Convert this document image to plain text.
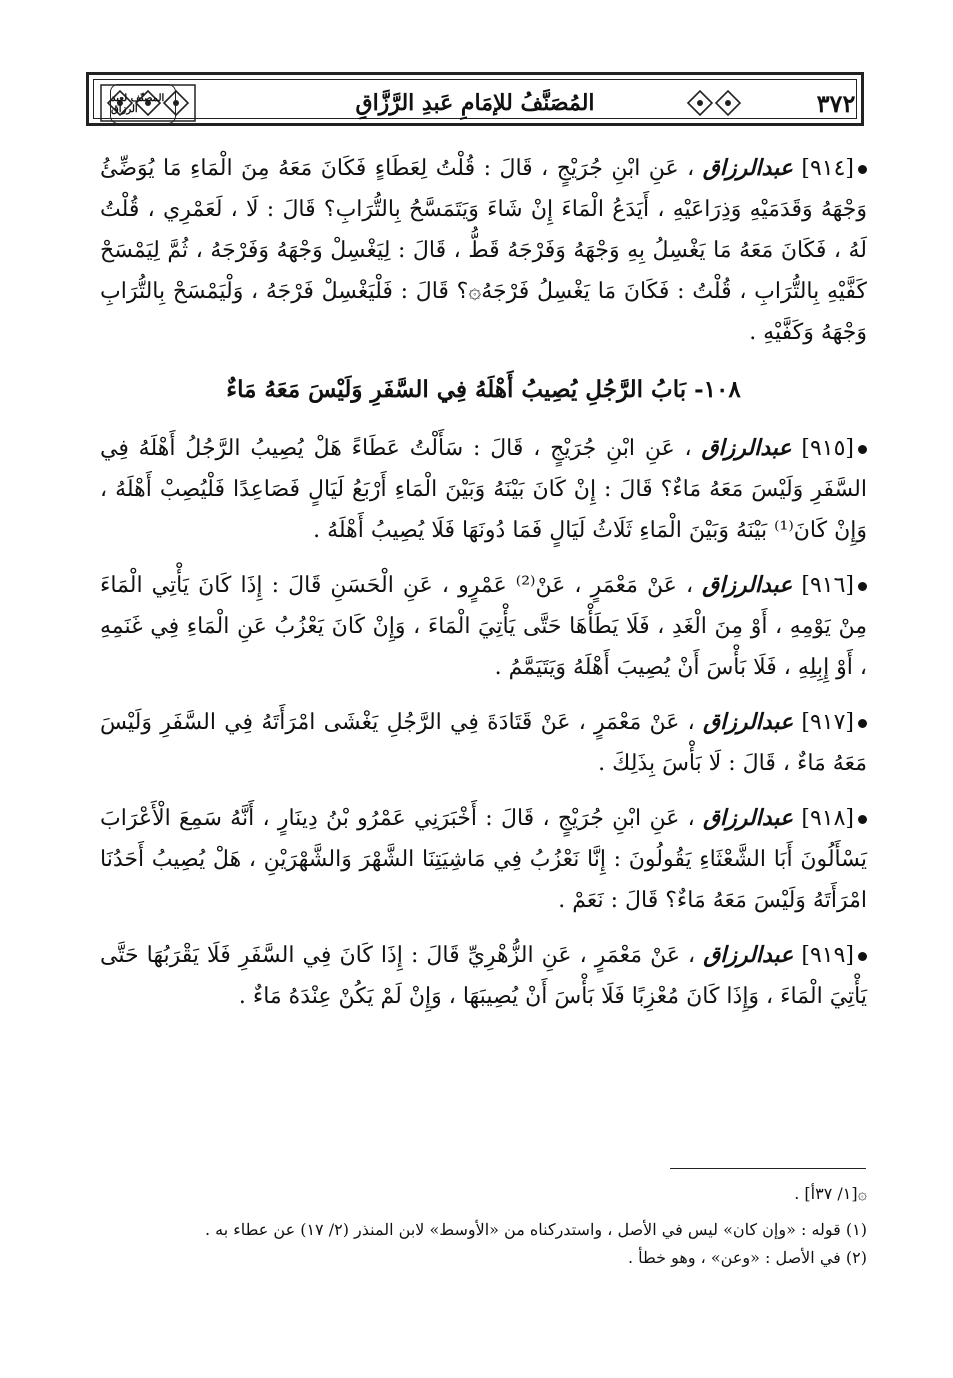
المصنّف لعبد الرزاق	المُصَنَّفُ للإمَامِ عَبدِ الرَّزَّاقِ	٣٧٢

[٩١٤] عبدالرزاق ، عَنِ ابْنِ جُرَيْجٍ ، قَالَ : قُلْتُ لِعَطَاءٍ فَكَانَ مَعَهُ مِنَ الْمَاءِ مَا يُوَضِّئُ وَجْهَهُ وَقَدَمَيْهِ وَذِرَاعَيْهِ ، أَيَدَعُ الْمَاءَ إِنْ شَاءَ وَيَتَمَسَّحُ بِالتُّرَابِ؟ قَالَ : لَا ، لَعَمْرِي ، قُلْتُ لَهُ ، فَكَانَ مَعَهُ مَا يَغْسِلُ بِهِ وَجْهَهُ وَفَرْجَهُ قَطُّ ، قَالَ : لِيَغْسِلْ وَجْهَهُ وَفَرْجَهُ ، ثُمَّ لِيَمْسَحْ كَفَّيْهِ بِالتُّرَابِ ، قُلْتُ : فَكَانَ مَا يَغْسِلُ فَرْجَهُ۞؟ قَالَ : فَلْيَغْسِلْ فَرْجَهُ ، وَلْيَمْسَحْ بِالتُّرَابِ وَجْهَهُ وَكَفَّيْهِ .

١٠٨- بَابُ الرَّجُلِ يُصِيبُ أَهْلَهُ فِي السَّفَرِ وَلَيْسَ مَعَهُ مَاءٌ

[٩١٥] عبدالرزاق ، عَنِ ابْنِ جُرَيْجٍ ، قَالَ : سَأَلْتُ عَطَاءً هَلْ يُصِيبُ الرَّجُلُ أَهْلَهُ فِي السَّفَرِ وَلَيْسَ مَعَهُ مَاءٌ؟ قَالَ : إِنْ كَانَ بَيْنَهُ وَبَيْنَ الْمَاءِ أَرْبَعُ لَيَالٍ فَصَاعِدًا فَلْيُصِبْ أَهْلَهُ ، وَإِنْ كَانَ⁽¹⁾ بَيْنَهُ وَبَيْنَ الْمَاءِ ثَلَاثُ لَيَالٍ فَمَا دُونَهَا فَلَا يُصِيبُ أَهْلَهُ .

[٩١٦] عبدالرزاق ، عَنْ مَعْمَرٍ ، عَنْ⁽²⁾ عَمْرٍو ، عَنِ الْحَسَنِ قَالَ : إِذَا كَانَ يَأْتِي الْمَاءَ مِنْ يَوْمِهِ ، أَوْ مِنَ الْغَدِ ، فَلَا يَطَأْهَا حَتَّى يَأْتِيَ الْمَاءَ ، وَإِنْ كَانَ يَعْزُبُ عَنِ الْمَاءِ فِي غَنَمِهِ ، أَوْ إِبِلِهِ ، فَلَا بَأْسَ أَنْ يُصِيبَ أَهْلَهُ وَيَتَيَمَّمُ .

[٩١٧] عبدالرزاق ، عَنْ مَعْمَرٍ ، عَنْ قَتَادَةَ فِي الرَّجُلِ يَغْشَى امْرَأَتَهُ فِي السَّفَرِ وَلَيْسَ مَعَهُ مَاءٌ ، قَالَ : لَا بَأْسَ بِذَلِكَ .

[٩١٨] عبدالرزاق ، عَنِ ابْنِ جُرَيْجٍ ، قَالَ : أَخْبَرَنِي عَمْرُو بْنُ دِينَارٍ ، أَنَّهُ سَمِعَ الْأَعْرَابَ يَسْأَلُونَ أَبَا الشَّعْثَاءِ يَقُولُونَ : إِنَّا نَعْزُبُ فِي مَاشِيَتِنَا الشَّهْرَ وَالشَّهْرَيْنِ ، هَلْ يُصِيبُ أَحَدُنَا امْرَأَتَهُ وَلَيْسَ مَعَهُ مَاءٌ؟ قَالَ : نَعَمْ .

[٩١٩] عبدالرزاق ، عَنْ مَعْمَرٍ ، عَنِ الزُّهْرِيِّ قَالَ : إِذَا كَانَ فِي السَّفَرِ فَلَا يَقْرَبُهَا حَتَّى يَأْتِيَ الْمَاءَ ، وَإِذَا كَانَ مُعْزِبًا فَلَا بَأْسَ أَنْ يُصِيبَهَا ، وَإِنْ لَمْ يَكُنْ عِنْدَهُ مَاءٌ .

۞[١/ ٣٧أ] .

(١) قوله : «وإن كان» ليس في الأصل ، واستدركناه من «الأوسط» لابن المنذر (٢/ ١٧) عن عطاء به .

(٢) في الأصل : «وعن» ، وهو خطأ .
